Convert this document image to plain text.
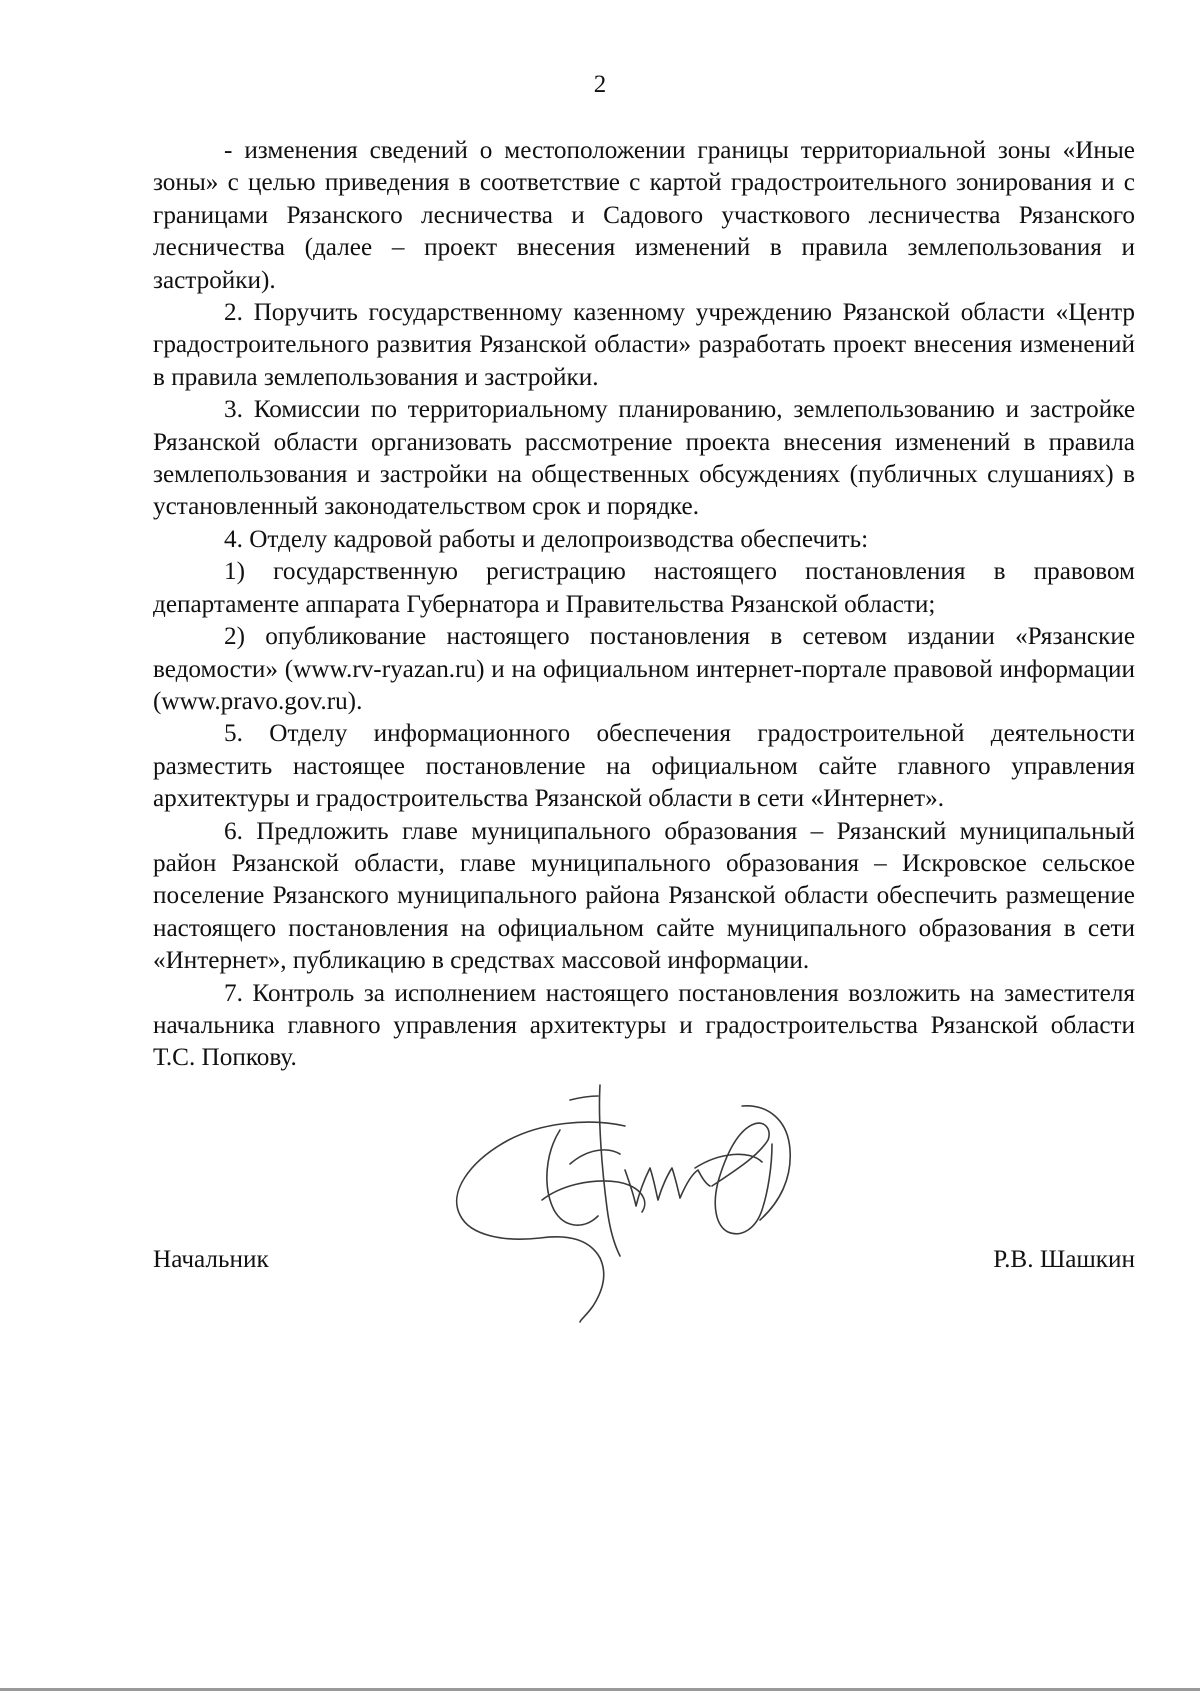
2

- изменения сведений о местоположении границы территориальной зоны «Иные зоны» с целью приведения в соответствие с картой градостроительного зонирования и с границами Рязанского лесничества и Садового участкового лесничества Рязанского лесничества (далее – проект внесения изменений в правила землепользования и застройки).

2. Поручить государственному казенному учреждению Рязанской области «Центр градостроительного развития Рязанской области» разработать проект внесения изменений в правила землепользования и застройки.

3. Комиссии по территориальному планированию, землепользованию и застройке Рязанской области организовать рассмотрение проекта внесения изменений в правила землепользования и застройки на общественных обсуждениях (публичных слушаниях) в установленный законодательством срок и порядке.

4. Отделу кадровой работы и делопроизводства обеспечить:

1) государственную регистрацию настоящего постановления в правовом департаменте аппарата Губернатора и Правительства Рязанской области;

2) опубликование настоящего постановления в сетевом издании «Рязанские ведомости» (www.rv-ryazan.ru) и на официальном интернет-портале правовой информации (www.pravo.gov.ru).

5. Отделу информационного обеспечения градостроительной деятельности разместить настоящее постановление на официальном сайте главного управления архитектуры и градостроительства Рязанской области в сети «Интернет».

6. Предложить главе муниципального образования – Рязанский муниципальный район Рязанской области, главе муниципального образования – Искровское сельское поселение Рязанского муниципального района Рязанской области обеспечить размещение настоящего постановления на официальном сайте муниципального образования в сети «Интернет», публикацию в средствах массовой информации.

7. Контроль за исполнением настоящего постановления возложить на заместителя начальника главного управления архитектуры и градостроительства Рязанской области Т.С. Попкову.

Начальник	Р.В. Шашкин
